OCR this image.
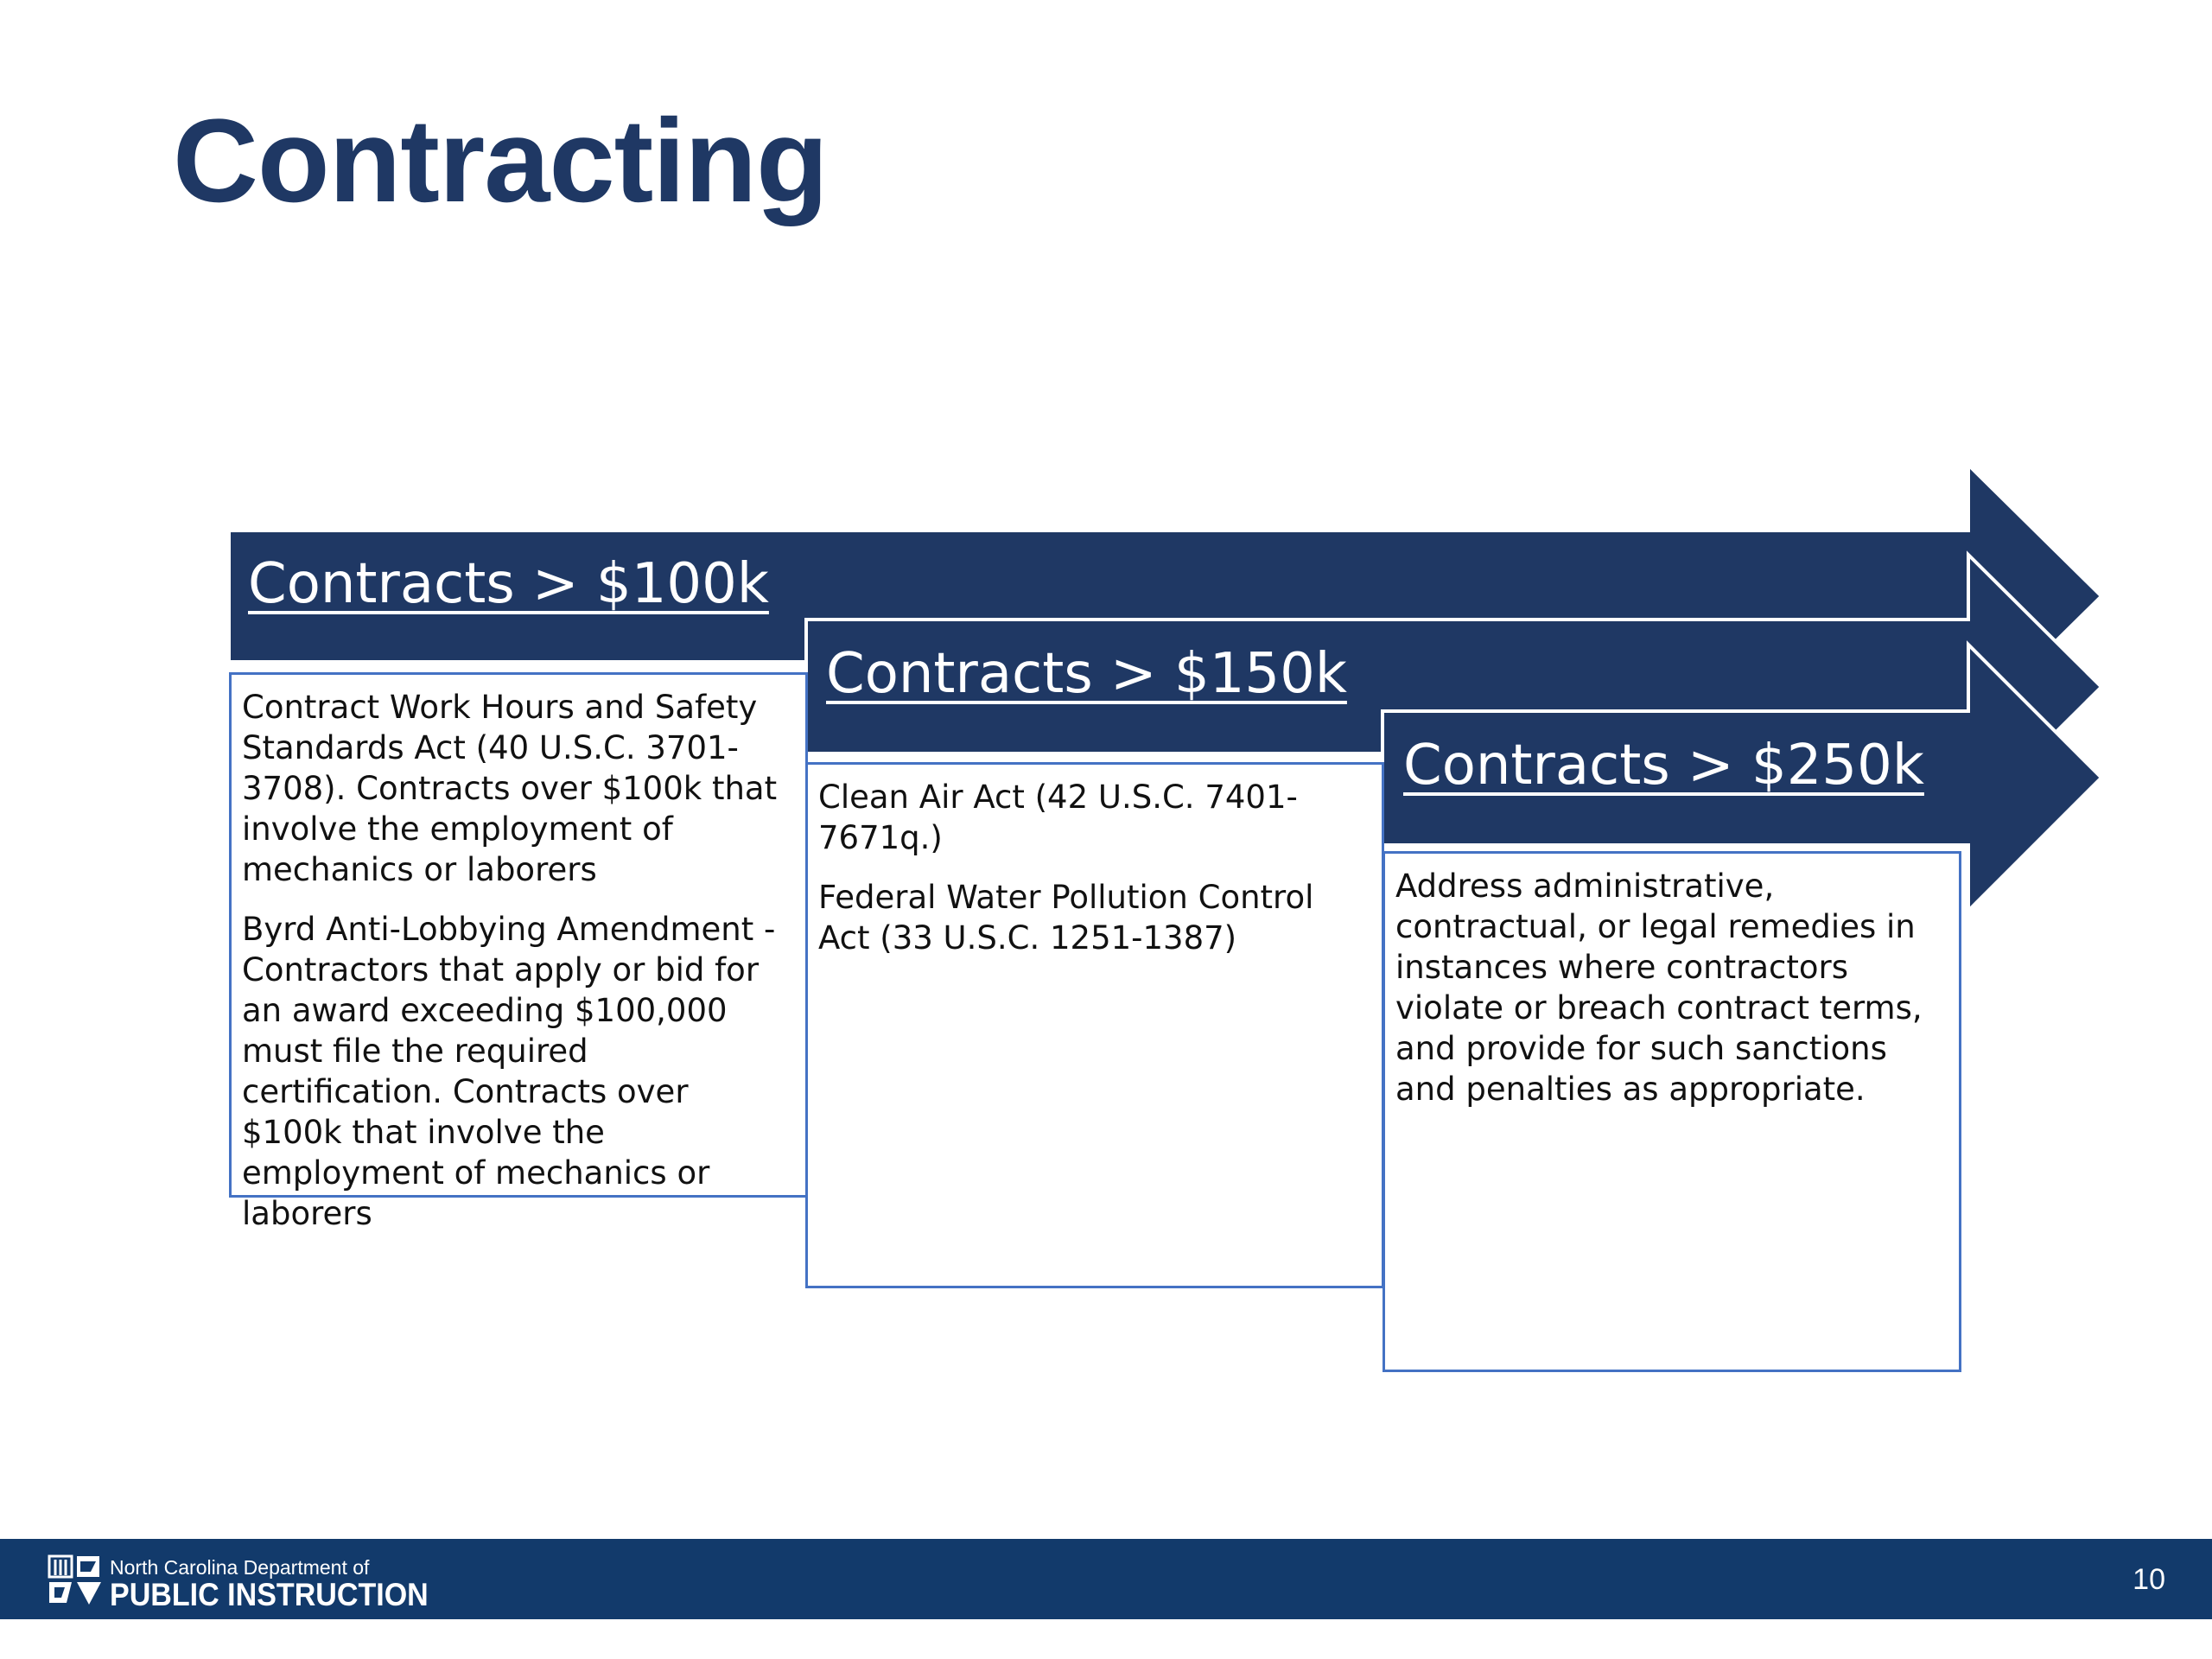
Contracting
Contracts > $100k

Contract Work Hours and Safety Standards Act (40 U.S.C. 3701-3708). Contracts over $100k that involve the employment of mechanics or laborers

Byrd Anti-Lobbying Amendment - Contractors that apply or bid for an award exceeding $100,000 must file the required certification. Contracts over $100k that involve the employment of mechanics or laborers

Contracts > $150k

Clean Air Act (42 U.S.C. 7401-7671q.)

Federal Water Pollution Control Act (33 U.S.C. 1251-1387)

Contracts > $250k

Address administrative, contractual, or legal remedies in instances where contractors violate or breach contract terms, and provide for such sanctions and penalties as appropriate.

North Carolina Department of
PUBLIC INSTRUCTION	10
